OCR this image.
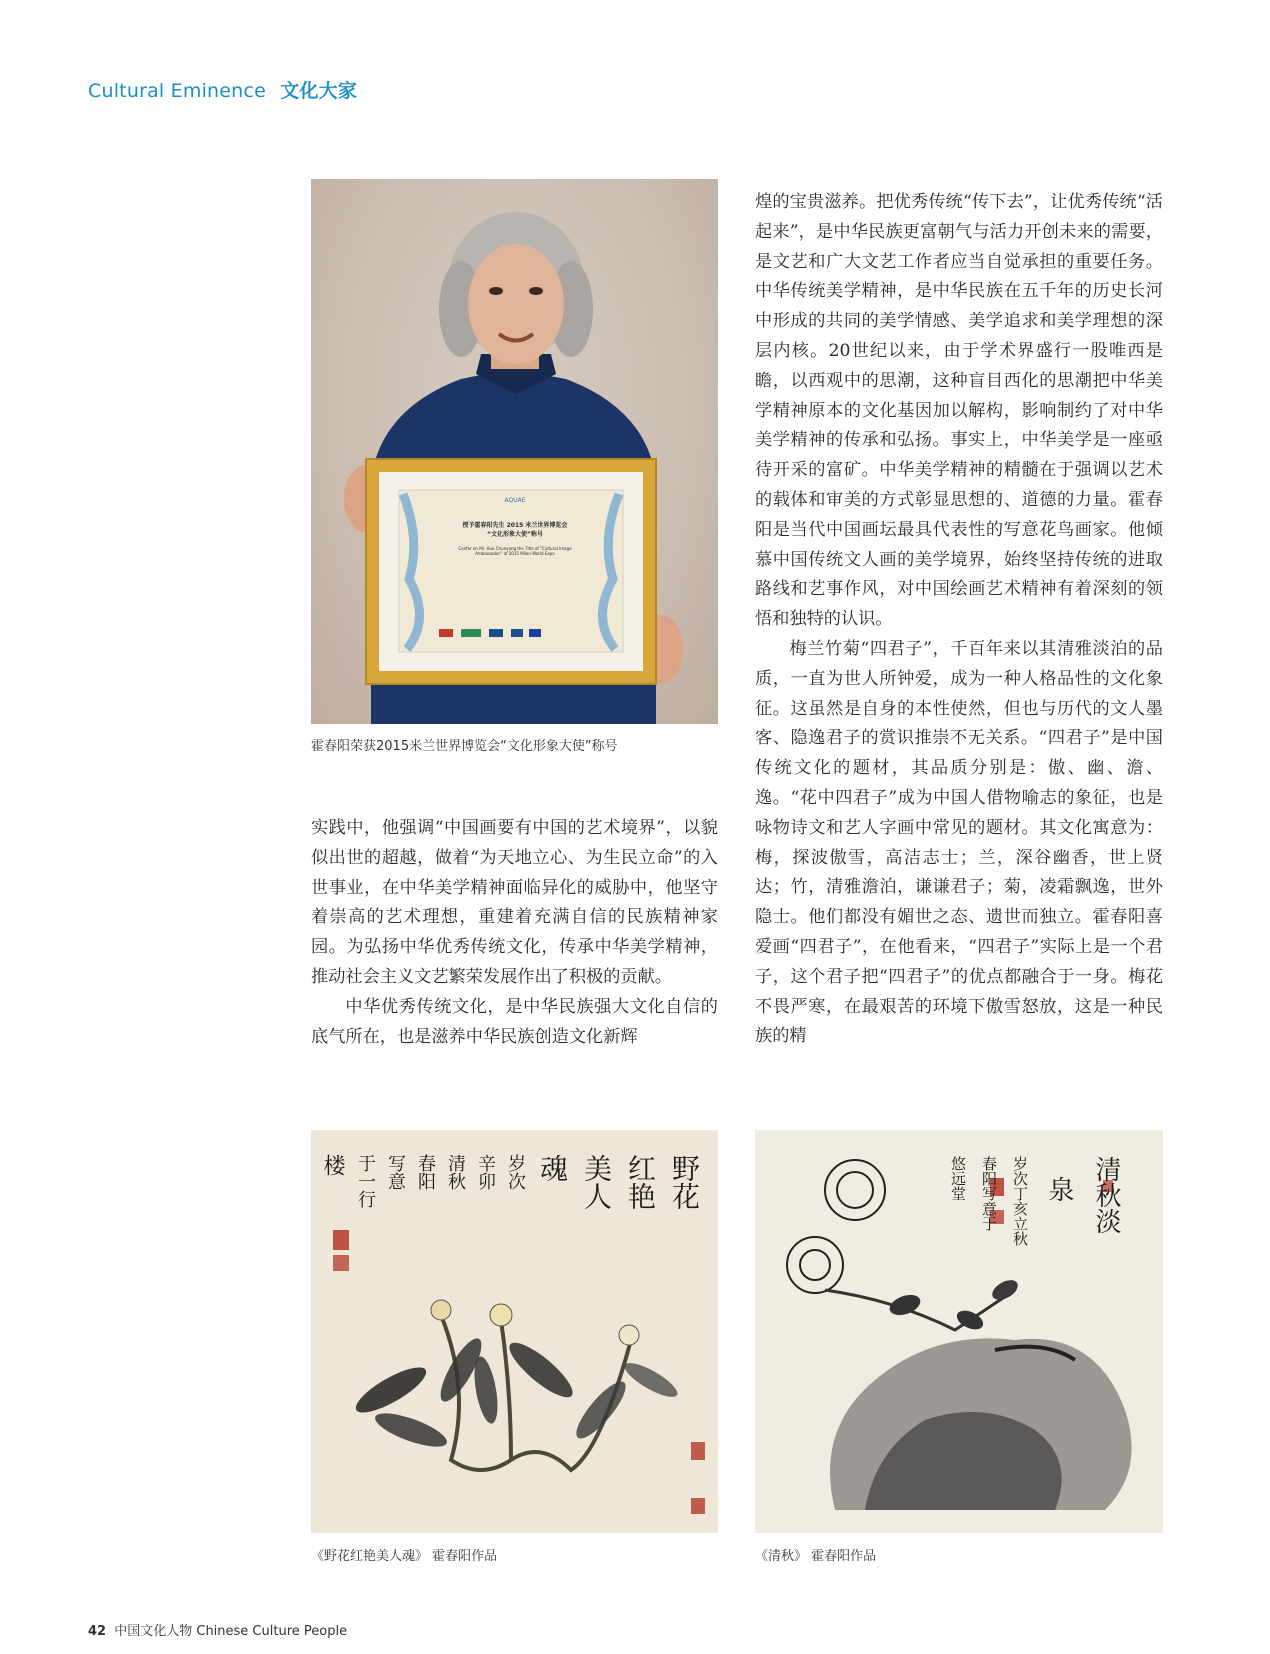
Cultural Eminence 文化大家
AQUAE
授予霍春阳先生 2015 米兰世界博览会
“文化形象大使”称号
Confer on Mr. Huo Chunyang the Title of “Cultural Image
Ambassador” of 2015 Milan World Expo
霍春阳荣获2015米兰世界博览会“文化形象大使”称号

实践中，他强调“中国画要有中国的艺术境界”，以貌似出世的超越，做着“为天地立心、为生民立命”的入世事业，在中华美学精神面临异化的威胁中，他坚守着崇高的艺术理想，重建着充满自信的民族精神家园。为弘扬中华优秀传统文化，传承中华美学精神，推动社会主义文艺繁荣发展作出了积极的贡献。

中华优秀传统文化，是中华民族强大文化自信的底气所在，也是滋养中华民族创造文化新辉

煌的宝贵滋养。把优秀传统“传下去”，让优秀传统“活起来”，是中华民族更富朝气与活力开创未来的需要，是文艺和广大文艺工作者应当自觉承担的重要任务。中华传统美学精神，是中华民族在五千年的历史长河中形成的共同的美学情感、美学追求和美学理想的深层内核。20世纪以来，由于学术界盛行一股唯西是瞻，以西观中的思潮，这种盲目西化的思潮把中华美学精神原本的文化基因加以解构，影响制约了对中华美学精神的传承和弘扬。事实上，中华美学是一座亟待开采的富矿。中华美学精神的精髓在于强调以艺术的载体和审美的方式彰显思想的、道德的力量。霍春阳是当代中国画坛最具代表性的写意花鸟画家。他倾慕中国传统文人画的美学境界，始终坚持传统的进取路线和艺事作风，对中国绘画艺术精神有着深刻的领悟和独特的认识。

梅兰竹菊“四君子”，千百年来以其清雅淡泊的品质，一直为世人所钟爱，成为一种人格品性的文化象征。这虽然是自身的本性使然，但也与历代的文人墨客、隐逸君子的赏识推崇不无关系。“四君子”是中国传统文化的题材，其品质分别是：傲、幽、澹、逸。“花中四君子”成为中国人借物喻志的象征，也是咏物诗文和艺人字画中常见的题材。其文化寓意为：梅，探波傲雪，高洁志士；兰，深谷幽香，世上贤达；竹，清雅澹泊，谦谦君子；菊，凌霜飘逸，世外隐士。他们都没有媚世之态、遗世而独立。霍春阳喜爱画“四君子”，在他看来，“四君子”实际上是一个君子，这个君子把“四君子”的优点都融合于一身。梅花不畏严寒，在最艰苦的环境下傲雪怒放，这是一种民族的精

野花
红艳
美人
魂
岁次
辛卯
清秋
春阳
写意
于一行
楼
《野花红艳美人魂》 霍春阳作品
清秋淡
泉
岁次丁亥立秋
春阳写意于
悠远堂
《清秋》 霍春阳作品
42 中国文化人物 Chinese Culture People
